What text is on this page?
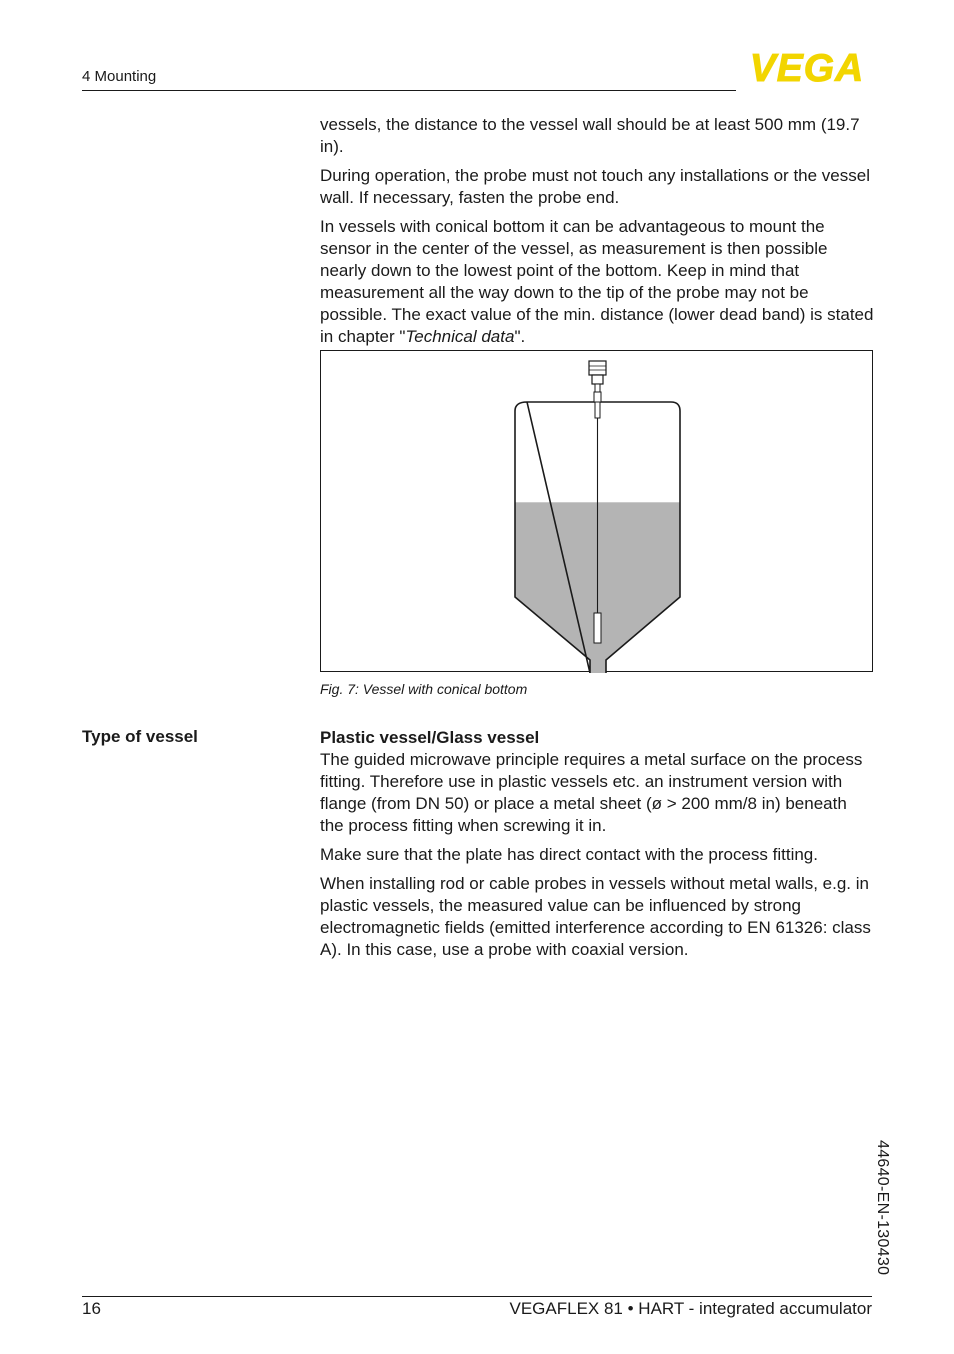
4 Mounting	VEGA

vessels, the distance to the vessel wall should be at least 500 mm (19.7 in).

During operation, the probe must not touch any installations or the vessel wall. If necessary, fasten the probe end.

In vessels with conical bottom it can be advantageous to mount the sensor in the center of the vessel, as measurement is then possible nearly down to the lowest point of the bottom. Keep in mind that measurement all the way down to the tip of the probe may not be possible. The exact value of the min. distance (lower dead band) is stated in chapter "Technical data".

Fig. 7: Vessel with conical bottom
Type of vessel	Plastic vessel/Glass vessel

The guided microwave principle requires a metal surface on the process fitting. Therefore use in plastic vessels etc. an instrument version with flange (from DN 50) or place a metal sheet (ø > 200 mm/8 in) beneath the process fitting when screwing it in.

Make sure that the plate has direct contact with the process fitting.

When installing rod or cable probes in vessels without metal walls, e.g. in plastic vessels, the measured value can be influenced by strong electromagnetic fields (emitted interference according to EN 61326: class A). In this case, use a probe with coaxial version.

44640-EN-130430
16	VEGAFLEX 81 • HART - integrated accumulator
